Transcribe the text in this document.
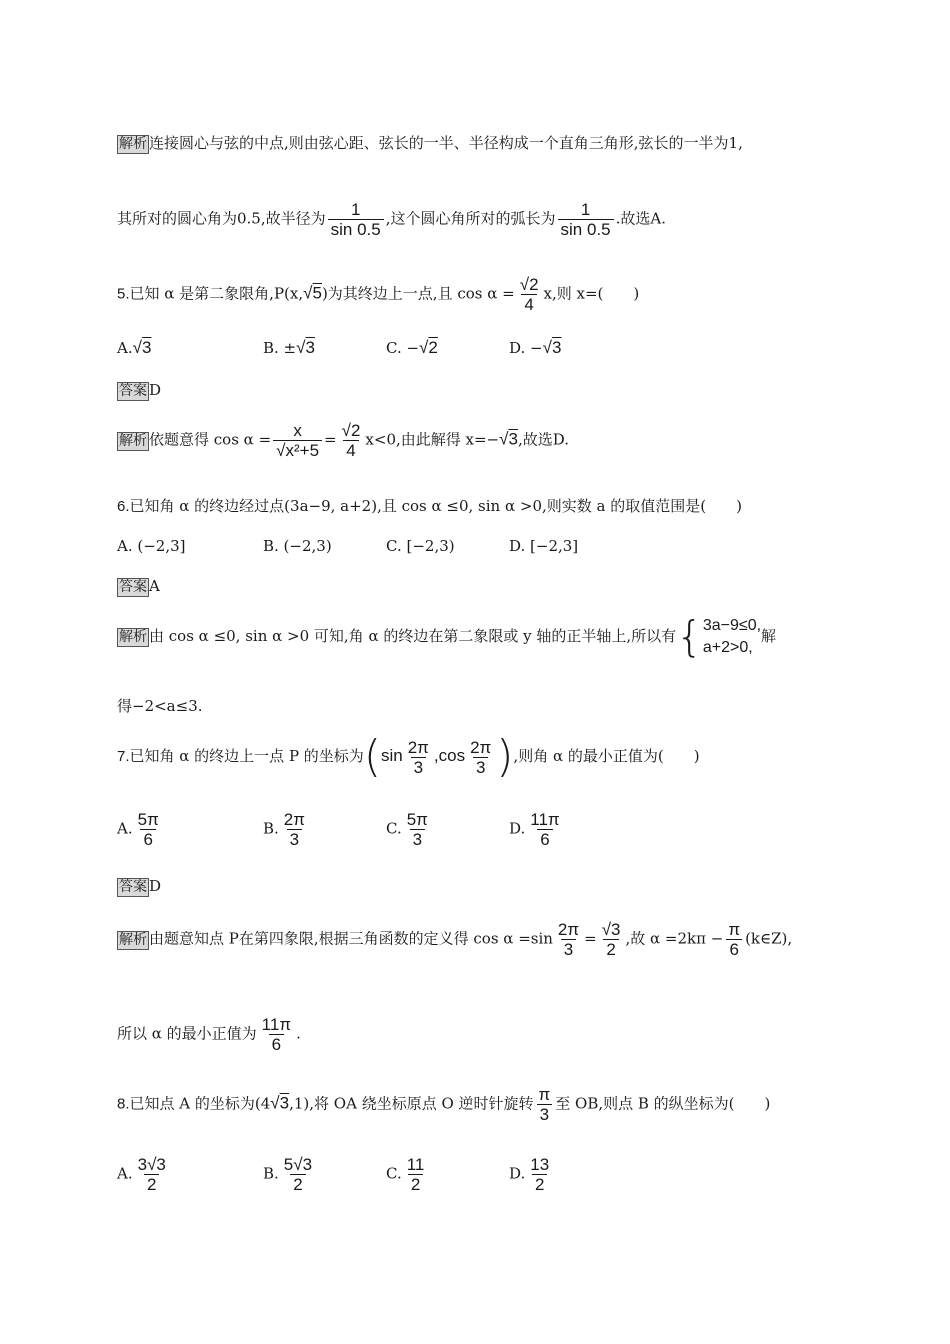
解析 连接圆心与弦的中点,则由弦心距、弦长的一半、半径构成一个直角三角形,弦长的一半为1,
其所对的圆心角为0.5,故半径为 $\frac{1}{\sin 0.5}$ ,这个圆心角所对的弧长为 $\frac{1}{\sin 0.5}$ .故选A.
5.已知 α 是第二象限角,P(x,√5)为其终边上一点,且 $\cos \alpha = \frac{√2}{4} x$,则 x=(　　)
A.√3	B. ±√3	C. −√2	D. −√3
答案 D
解析 依题意得 $\cos \alpha = \frac{x}{\text{√x²+5}} = \frac{√2}{4} x<0$,由此解得 x=−√3,故选D.
6.已知角 α 的终边经过点(3a−9, a+2),且 cos α ≤0, sin α >0,则实数 a 的取值范围是(　　)
A. (−2,3]	B. (−2,3)	C. [−2,3)	D. [−2,3]
答案 A
解析 由 cos α ≤0, sin α >0 可知,角 α 的终边在第二象限或 y 轴的正半轴上,所以有{ 3a−9≤0,
a+2>0,
解
得−2<a≤3.
7.已知角 α 的终边上一点 P 的坐标为($\sin \frac{2\pi}{3} ,\cos \frac{2\pi}{3}$ ),则角 α 的最小正值为(　　)
A. $\frac{5\pi}{6}$	B. $\frac{2\pi}{3}$	C. $\frac{5\pi}{3}$	D. $\frac{11\pi}{6}$
答案 D
解析 由题意知点 P在第四象限,根据三角函数的定义得 $\cos \alpha =\sin \frac{2\pi}{3} = \frac{√3}{2}$ ,故 $\alpha =2k\pi - \frac{\pi}{6}$ (k∈Z),
所以 α 的最小正值为 $\frac{11\pi}{6}$ .
8.已知点 A 的坐标为(4√3,1),将 OA 绕坐标原点 O 逆时针旋转 $\frac{\pi}{3}$ 至 OB,则点 B 的纵坐标为(　　)
A. $\frac{3√3}{2}$	B. $\frac{5√3}{2}$	C. $\frac{11}{2}$	D. $\frac{13}{2}$
